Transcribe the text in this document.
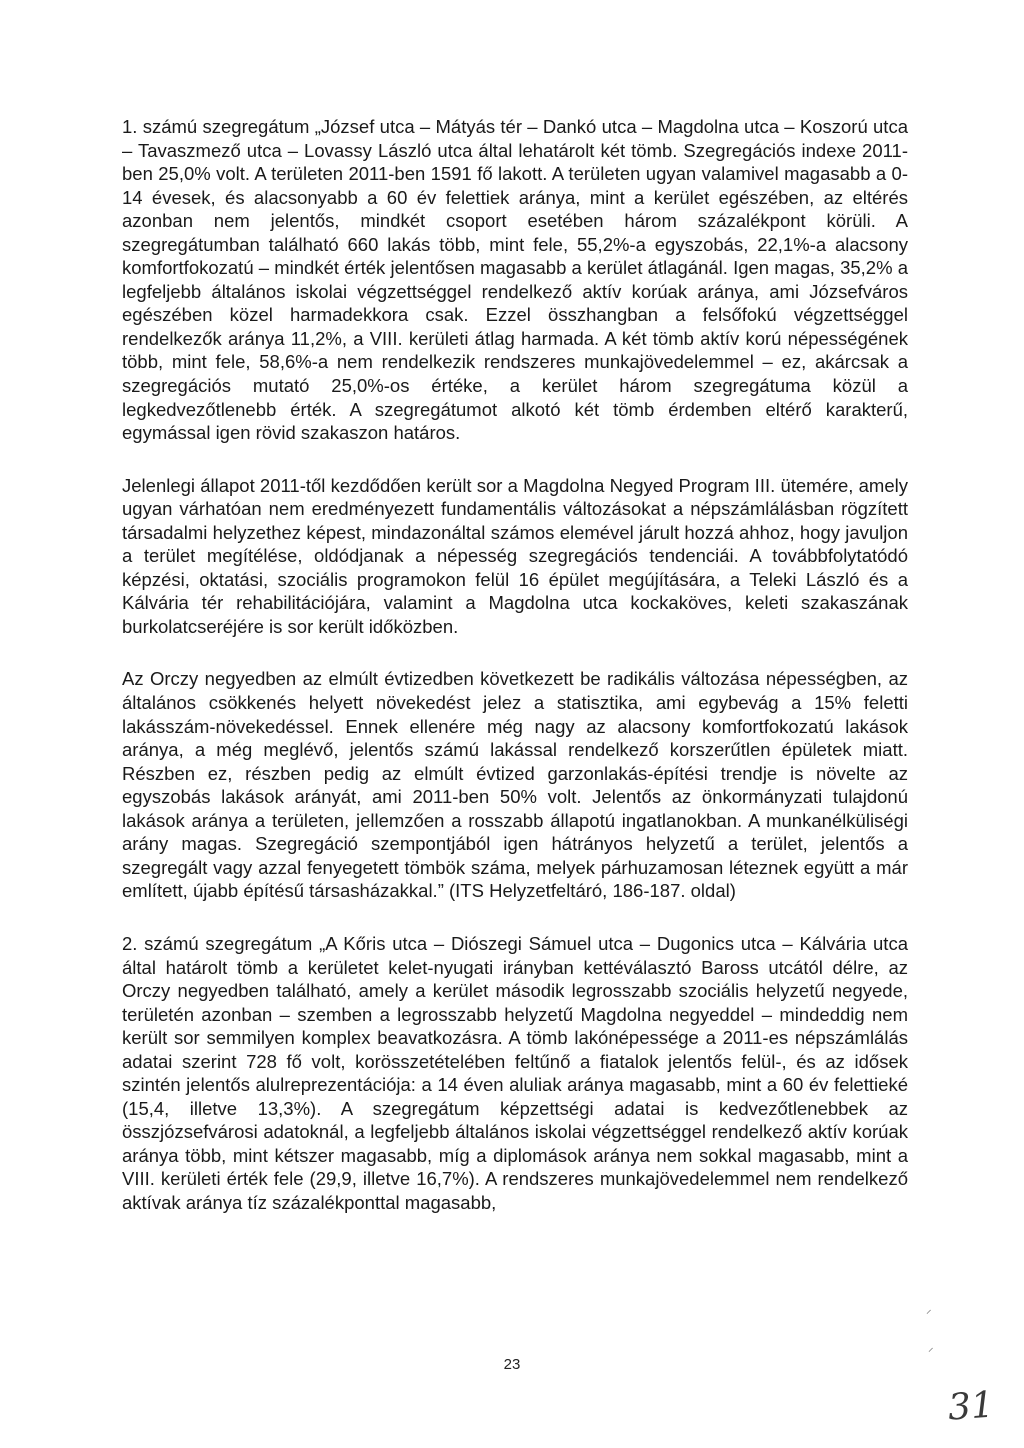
1. számú szegregátum „József utca – Mátyás tér – Dankó utca – Magdolna utca – Koszorú utca – Tavaszmező utca – Lovassy László utca által lehatárolt két tömb. Szegregációs indexe 2011-ben 25,0% volt. A területen 2011-ben 1591 fő lakott. A területen ugyan valamivel magasabb a 0-14 évesek, és alacsonyabb a 60 év felettiek aránya, mint a kerület egészében, az eltérés azonban nem jelentős, mindkét csoport esetében három százalékpont körüli. A szegregátumban található 660 lakás több, mint fele, 55,2%-a egyszobás, 22,1%-a alacsony komfortfokozatú – mindkét érték jelentősen magasabb a kerület átlagánál. Igen magas, 35,2% a legfeljebb általános iskolai végzettséggel rendelkező aktív korúak aránya, ami Józsefváros egészében közel harmadekkora csak. Ezzel összhangban a felsőfokú végzettséggel rendelkezők aránya 11,2%, a VIII. kerületi átlag harmada. A két tömb aktív korú népességének több, mint fele, 58,6%-a nem rendelkezik rendszeres munkajövedelemmel – ez, akárcsak a szegregációs mutató 25,0%-os értéke, a kerület három szegregátuma közül a legkedvezőtlenebb érték. A szegregátumot alkotó két tömb érdemben eltérő karakterű, egymással igen rövid szakaszon határos.

Jelenlegi állapot 2011-től kezdődően került sor a Magdolna Negyed Program III. ütemére, amely ugyan várhatóan nem eredményezett fundamentális változásokat a népszámlálásban rögzített társadalmi helyzethez képest, mindazonáltal számos elemével járult hozzá ahhoz, hogy javuljon a terület megítélése, oldódjanak a népesség szegregációs tendenciái. A továbbfolytatódó képzési, oktatási, szociális programokon felül 16 épület megújítására, a Teleki László és a Kálvária tér rehabilitációjára, valamint a Magdolna utca kockaköves, keleti szakaszának burkolatcseréjére is sor került időközben.

Az Orczy negyedben az elmúlt évtizedben következett be radikális változása népességben, az általános csökkenés helyett növekedést jelez a statisztika, ami egybevág a 15% feletti lakásszám-növekedéssel. Ennek ellenére még nagy az alacsony komfortfokozatú lakások aránya, a még meglévő, jelentős számú lakással rendelkező korszerűtlen épületek miatt. Részben ez, részben pedig az elmúlt évtized garzonlakás-építési trendje is növelte az egyszobás lakások arányát, ami 2011-ben 50% volt. Jelentős az önkormányzati tulajdonú lakások aránya a területen, jellemzően a rosszabb állapotú ingatlanokban. A munkanélküliségi arány magas. Szegregáció szempontjából igen hátrányos helyzetű a terület, jelentős a szegregált vagy azzal fenyegetett tömbök száma, melyek párhuzamosan léteznek együtt a már említett, újabb építésű társasházakkal.” (ITS Helyzetfeltáró, 186-187. oldal)

2. számú szegregátum „A Kőris utca – Diószegi Sámuel utca – Dugonics utca – Kálvária utca által határolt tömb a kerületet kelet-nyugati irányban kettéválasztó Baross utcától délre, az Orczy negyedben található, amely a kerület második legrosszabb szociális helyzetű negyede, területén azonban – szemben a legrosszabb helyzetű Magdolna negyeddel – mindeddig nem került sor semmilyen komplex beavatkozásra. A tömb lakónépessége a 2011-es népszámlálás adatai szerint 728 fő volt, korösszetételében feltűnő a fiatalok jelentős felül-, és az idősek szintén jelentős alulreprezentációja: a 14 éven aluliak aránya magasabb, mint a 60 év felettieké (15,4, illetve 13,3%). A szegregátum képzettségi adatai is kedvezőtlenebbek az összjózsefvárosi adatoknál, a legfeljebb általános iskolai végzettséggel rendelkező aktív korúak aránya több, mint kétszer magasabb, míg a diplomások aránya nem sokkal magasabb, mint a VIII. kerületi érték fele (29,9, illetve 16,7%). A rendszeres munkajövedelemmel nem rendelkező aktívak aránya tíz százalékponttal magasabb,

⸝
⸝
23
31
